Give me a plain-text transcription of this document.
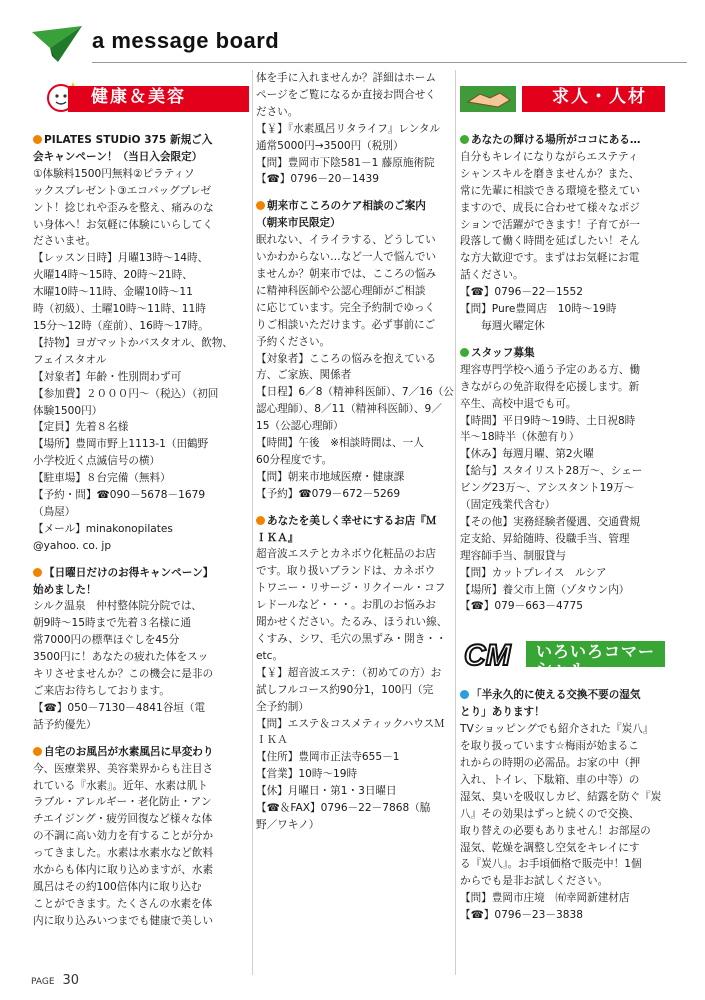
a message board
健康＆美容
PILATES STUDiO 375 新規ご入
会キャンペーン！（当日入会限定）
①体験料1500円無料②ピラティソ
ックスプレゼント③エコバッグプレゼ
ント！捻じれや歪みを整え、痛みのな
い身体へ！お気軽に体験にいらしてく
ださいませ。
【レッスン日時】月曜13時～14時、
火曜14時～15時、20時～21時、
木曜10時～11時、金曜10時～11
時（初級）、土曜10時～11時、11時
15分～12時（産前）、16時～17時。
【持物】ヨガマットかバスタオル、飲物、
フェイスタオル
【対象者】年齢・性別問わず可
【参加費】２０００円～（税込）（初回
体験1500円）
【定員】先着８名様
【場所】豊岡市野上1113-1（田鶴野
小学校近く点滅信号の横）
【駐車場】８台完備（無料）
【予約・問】☎090－5678－1679
（鳥屋）
【メール】minakonopilates
@yahoo. co. jp
【日曜日だけのお得キャンペーン】
始めました！
シルク温泉　仲村整体院分院では、
朝9時～15時まで先着３名様に通
常7000円の標準ほぐしを45分
3500円に！あなたの疲れた体をスッ
キリさせませんか？この機会に是非の
ご来店お待ちしております。
【☎】050－7130－4841谷垣（電
話予約優先）
自宅のお風呂が水素風呂に早変わり
今、医療業界、美容業界からも注目さ
れている『水素』。近年、水素は肌ト
ラブル・アレルギー・老化防止・アン
チエイジング・疲労回復など様々な体
の不調に高い効力を有することが分か
ってきました。水素は水素水など飲料
水からも体内に取り込めますが、水素
風呂はその約100倍体内に取り込む
ことができます。たくさんの水素を体
内に取り込みいつまでも健康で美しい
体を手に入れませんか？詳細はホーム
ページをご覧になるか直接お問合せく
ださい。
【￥】『水素風呂リタライフ』レンタル
通常5000円→3500円（税別）
【問】豊岡市下陰581－1 藤原施術院
【☎】0796－20－1439
朝来市こころのケア相談のご案内
（朝来市民限定）
眠れない、イライラする、どうしてい
いかわからない…など一人で悩んでい
ませんか？朝来市では、こころの悩み
に精神科医師や公認心理師がご相談
に応じています。完全予約制でゆっく
りご相談いただけます。必ず事前にご
予約ください。
【対象者】こころの悩みを抱えている
方、ご家族、関係者
【日程】6／8（精神科医師）、7／16（公
認心理師）、8／11（精神科医師）、9／
15（公認心理師）
【時間】午後　※相談時間は、一人
60分程度です。
【問】朝来市地域医療・健康課
【予約】☎079－672－5269
あなたを美しく幸せにするお店『Ｍ
ＩＫＡ』
超音波エステとカネボウ化粧品のお店
です。取り扱いブランドは、カネボウ
トワニー・リサージ・リクイール・コフ
レドールなど・・・。お肌のお悩みお
聞かせください。たるみ、ほうれい線、
くすみ、シワ、毛穴の黒ずみ・開き・・
etc。
【￥】超音波エステ：（初めての方）お
試しフルコース約90分1，100円（完
全予約制）
【問】エステ＆コスメティックハウスＭ
ＩＫＡ
【住所】豊岡市正法寺655－1
【営業】10時～19時
【休】月曜日・第1・3日曜日
【☎＆FAX】0796－22－7868（脇
野／ワキノ）
求人・人材
あなたの輝ける場所がココにある…
自分もキレイになりながらエステティ
シャンスキルを磨きませんか？また、
常に先輩に相談できる環境を整えてい
ますので、成長に合わせて様々なポジ
ションで活躍ができます！子育てが一
段落して働く時間を延ばしたい！そん
な方大歓迎です。まずはお気軽にお電
話ください。
【☎】0796－22－1552
【問】Pure豊岡店　10時～19時
　　毎週火曜定休
スタッフ募集
理容専門学校へ通う予定のある方、働
きながらの免許取得を応援します。新
卒生、高校中退でも可。
【時間】平日9時～19時、土日祝8時
半～18時半（休憩有り）
【休み】毎週月曜、第2火曜
【給与】スタイリスト28万～、シェー
ビング23万～、アシスタント19万～
（固定残業代含む）
【その他】実務経験者優遇、交通費規
定支給、昇給随時、役職手当、管理
理容師手当、制服貸与
【問】カットプレイス　ルシア
【場所】養父市上箇（ゾタウン内）
【☎】079－663－4775
CM いろいろコマーシャル
「半永久的に使える交換不要の湿気
とり」あります！
TVショッピングでも紹介された『炭八』
を取り扱っています☆梅雨が始まるこ
れからの時期の必需品。お家の中（押
入れ、トイレ、下駄箱、車の中等）の
湿気、臭いを吸収しカビ、結露を防ぐ『炭
八』その効果はずっと続くので交換、
取り替えの必要もありません！お部屋の
湿気、乾燥を調整し空気をキレイにす
る『炭八』。お手頃価格で販売中！1個
からでも是非お試しください。
【問】豊岡市庄境　㈲幸岡新建材店
【☎】0796－23－3838
PAGE 30
